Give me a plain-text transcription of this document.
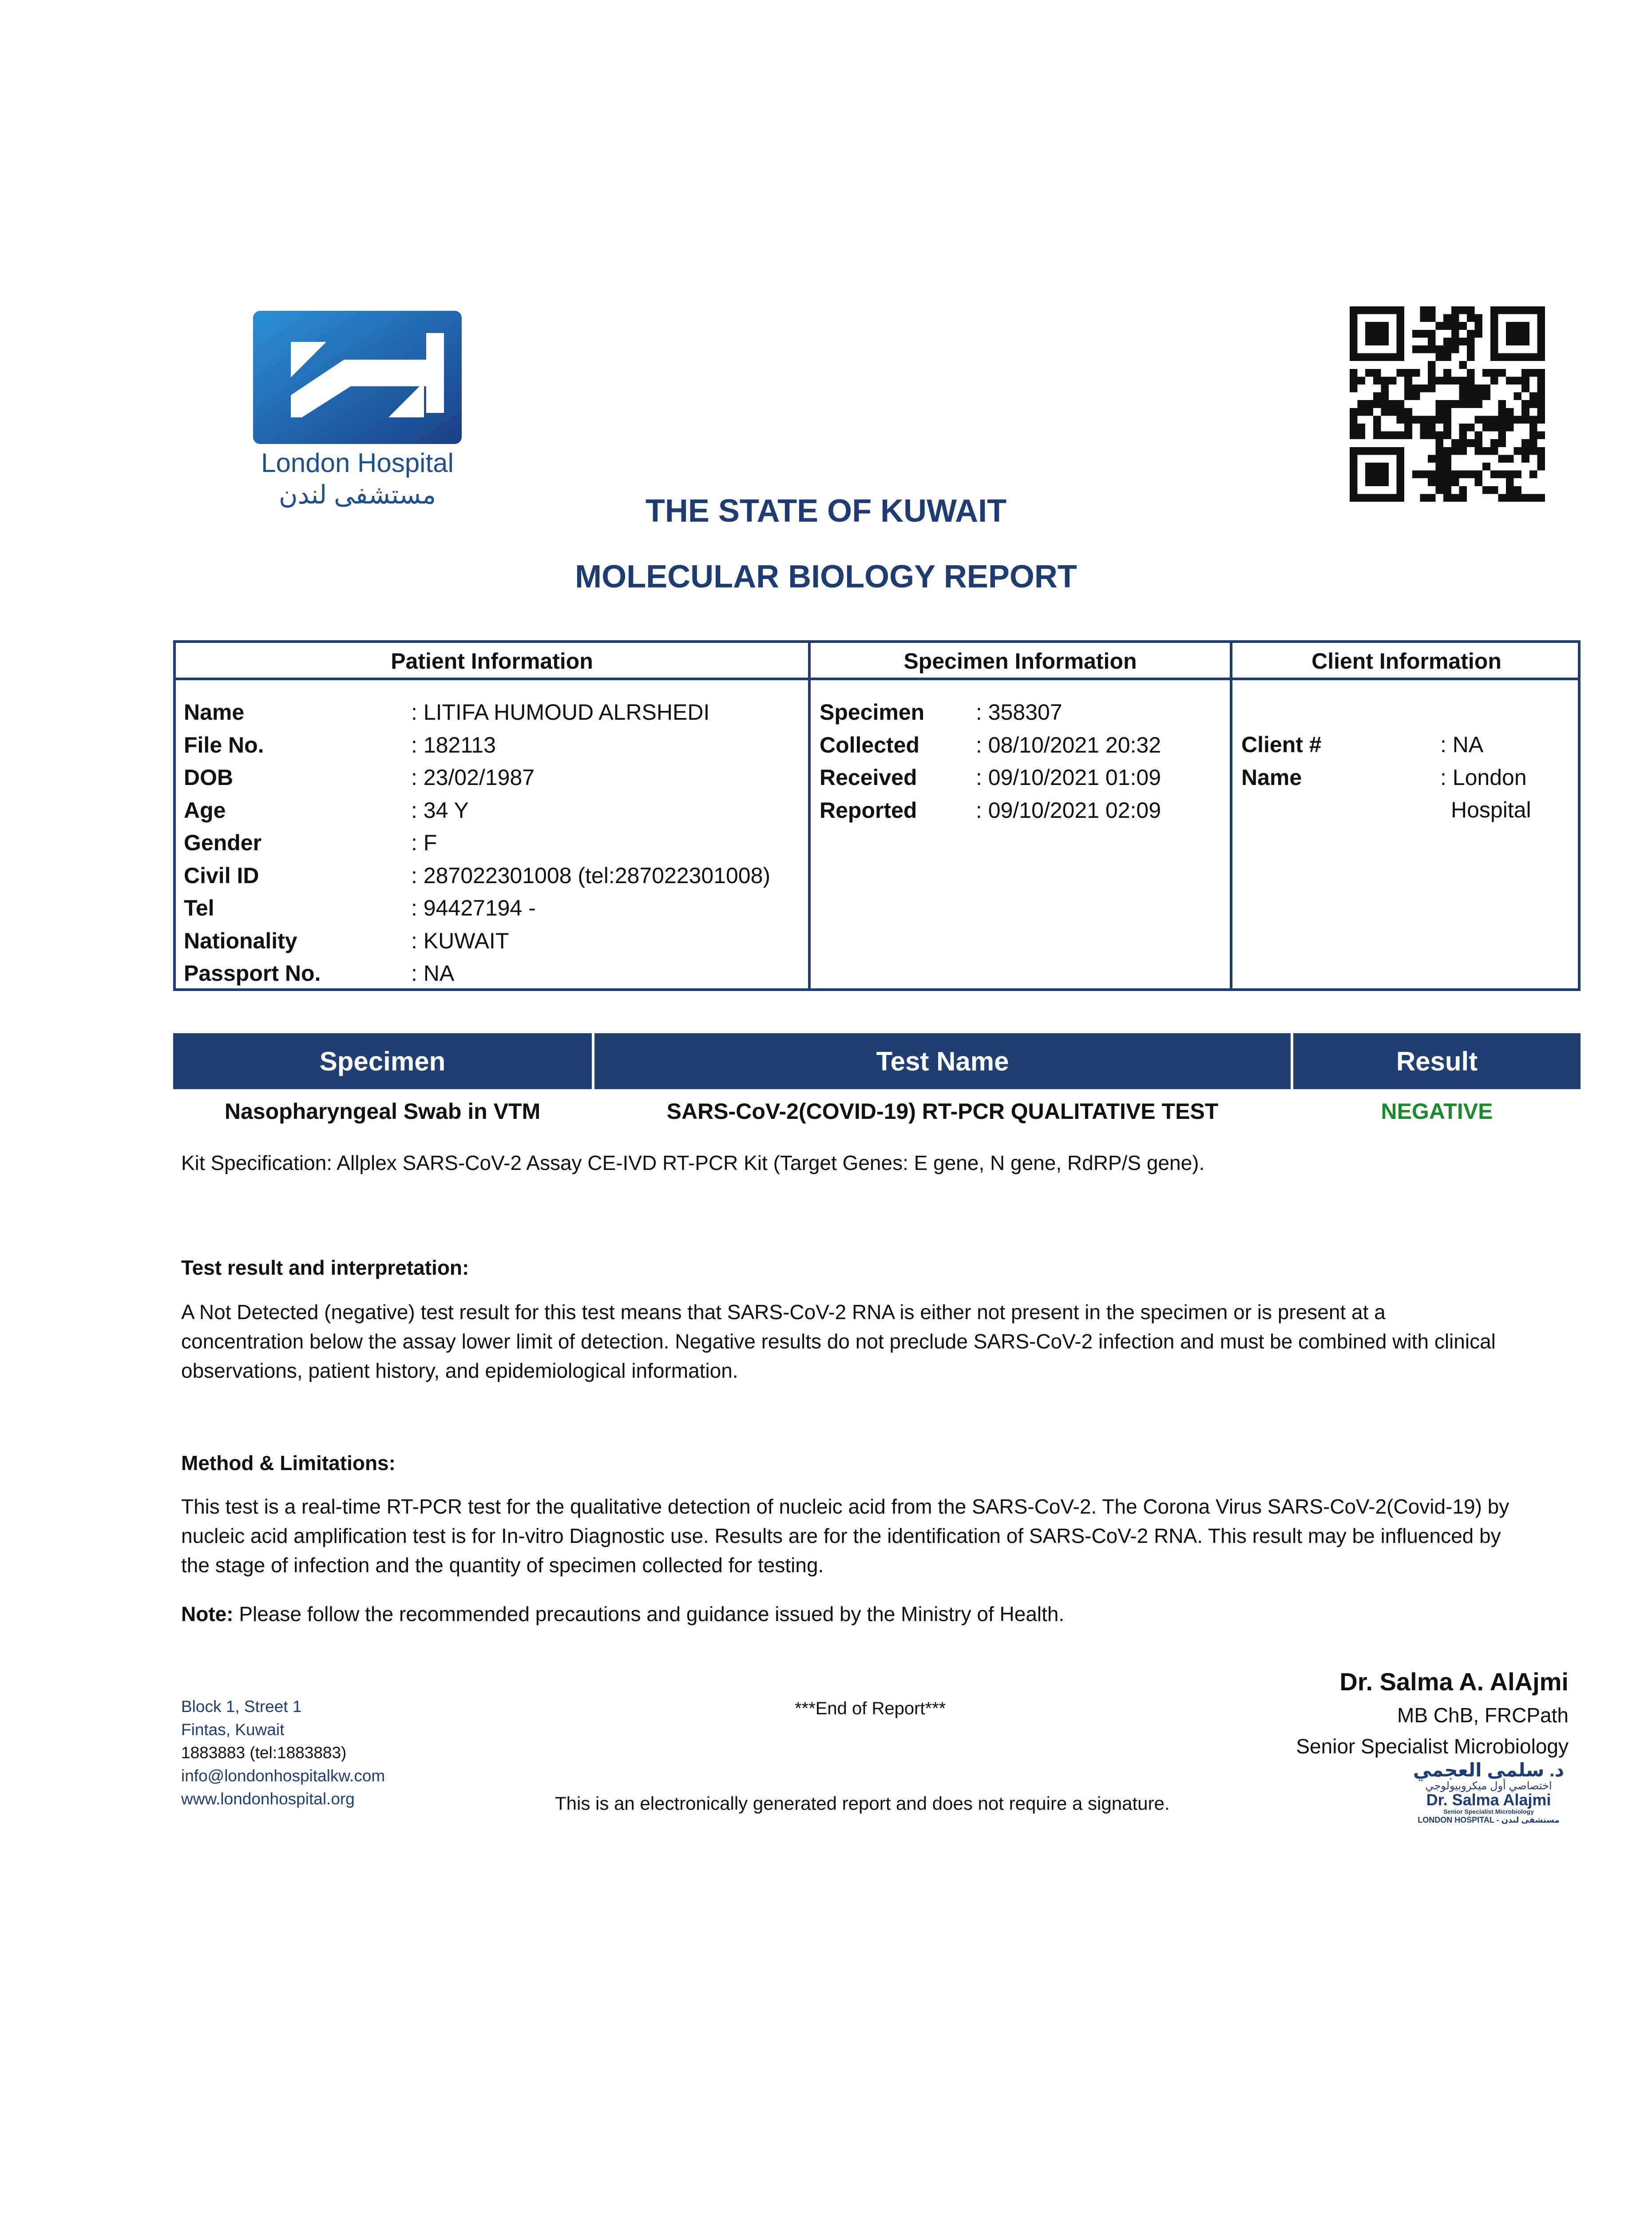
London Hospital
مستشفى لندن	THE STATE OF KUWAIT
MOLECULAR BIOLOGY REPORT
Patient Information	Specimen Information	Client Information
Name	: LITIFA HUMOUD ALRSHEDI
File No.	: 182113
DOB	: 23/02/1987
Age	: 34 Y
Gender	: F
Civil ID	: 287022301008 (tel:287022301008)
Tel	: 94427194 -
Nationality	: KUWAIT
Passport No.	: NA
Specimen	: 358307
Collected	: 08/10/2021 20:32
Received	: 09/10/2021 01:09
Reported	: 09/10/2021 02:09
Client #	: NA
Name	: London
Hospital
Specimen	Test Name	Result
Nasopharyngeal Swab in VTM	SARS-CoV-2(COVID-19) RT-PCR QUALITATIVE TEST	NEGATIVE
Kit Specification: Allplex SARS-CoV-2 Assay CE-IVD RT-PCR Kit (Target Genes: E gene, N gene, RdRP/S gene).
Test result and interpretation:
A Not Detected (negative) test result for this test means that SARS-CoV-2 RNA is either not present in the specimen or is present at a
concentration below the assay lower limit of detection. Negative results do not preclude SARS-CoV-2 infection and must be combined with clinical
observations, patient history, and epidemiological information.
Method & Limitations:
This test is a real-time RT-PCR test for the qualitative detection of nucleic acid from the SARS-CoV-2. The Corona Virus SARS-CoV-2(Covid-19) by
nucleic acid amplification test is for In-vitro Diagnostic use. Results are for the identification of SARS-CoV-2 RNA. This result may be influenced by
the stage of infection and the quantity of specimen collected for testing.
Note: Please follow the recommended precautions and guidance issued by the Ministry of Health.
Block 1, Street 1
Fintas, Kuwait
1883883 (tel:1883883)
info@londonhospitalkw.com
www.londonhospital.org
***End of Report***
This is an electronically generated report and does not require a signature.
Dr. Salma A. AlAjmi
MB ChB, FRCPath
Senior Specialist Microbiology
د. سلمى العجمي
اختصاصي أول ميكروبيولوجي
Dr. Salma Alajmi
Senior Specialist Microbiology
LONDON HOSPITAL - مستشفى لندن
